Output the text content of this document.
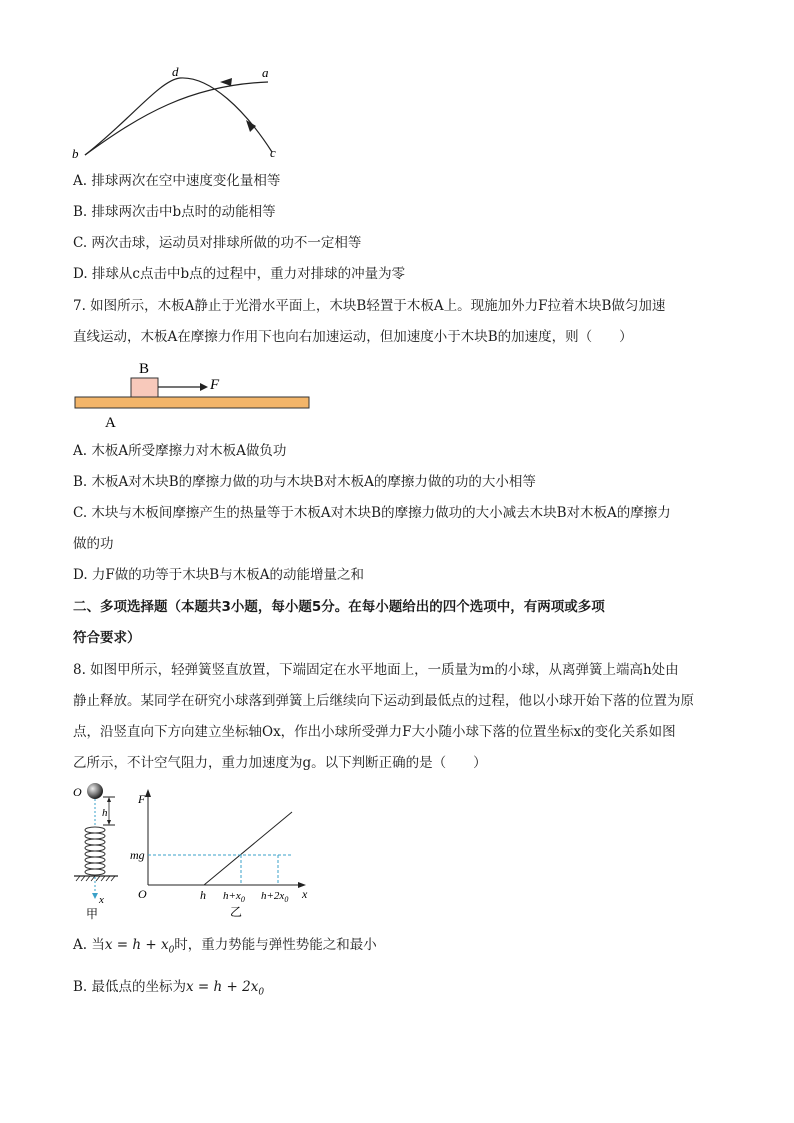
a
b	c
d
A. 排球两次在空中速度变化量相等
B. 排球两次击中b点时的动能相等
C. 两次击球，运动员对排球所做的功不一定相等
D. 排球从c点击中b点的过程中，重力对排球的冲量为零
7. 如图所示，木板A静止于光滑水平面上，木块B轻置于木板A上。现施加外力F拉着木块B做匀加速
直线运动，木板A在摩擦力作用下也向右加速运动，但加速度小于木块B的加速度，则（　　）
B
F
A
A. 木板A所受摩擦力对木板A做负功
B. 木板A对木块B的摩擦力做的功与木块B对木板A的摩擦力做的功的大小相等
C. 木块与木板间摩擦产生的热量等于木板A对木块B的摩擦力做功的大小减去木块B对木板A的摩擦力
做的功
D. 力F做的功等于木块B与木板A的动能增量之和
二、多项选择题（本题共3小题，每小题5分。在每小题给出的四个选项中，有两项或多项
符合要求）
8. 如图甲所示，轻弹簧竖直放置，下端固定在水平地面上，一质量为m的小球，从离弹簧上端高h处由
静止释放。某同学在研究小球落到弹簧上后继续向下运动到最低点的过程，他以小球开始下落的位置为原
点，沿竖直向下方向建立坐标轴Ox，作出小球所受弹力F大小随小球下落的位置坐标x的变化关系如图
乙所示，不计空气阻力，重力加速度为g。以下判断正确的是（　　）
O
h
x
甲
F
mg
O	h $h+x_0$ $h+2x_0$ x
乙
A. 当$x = h + x_0$时，重力势能与弹性势能之和最小
B. 最低点的坐标为$x = h + 2x_0$
